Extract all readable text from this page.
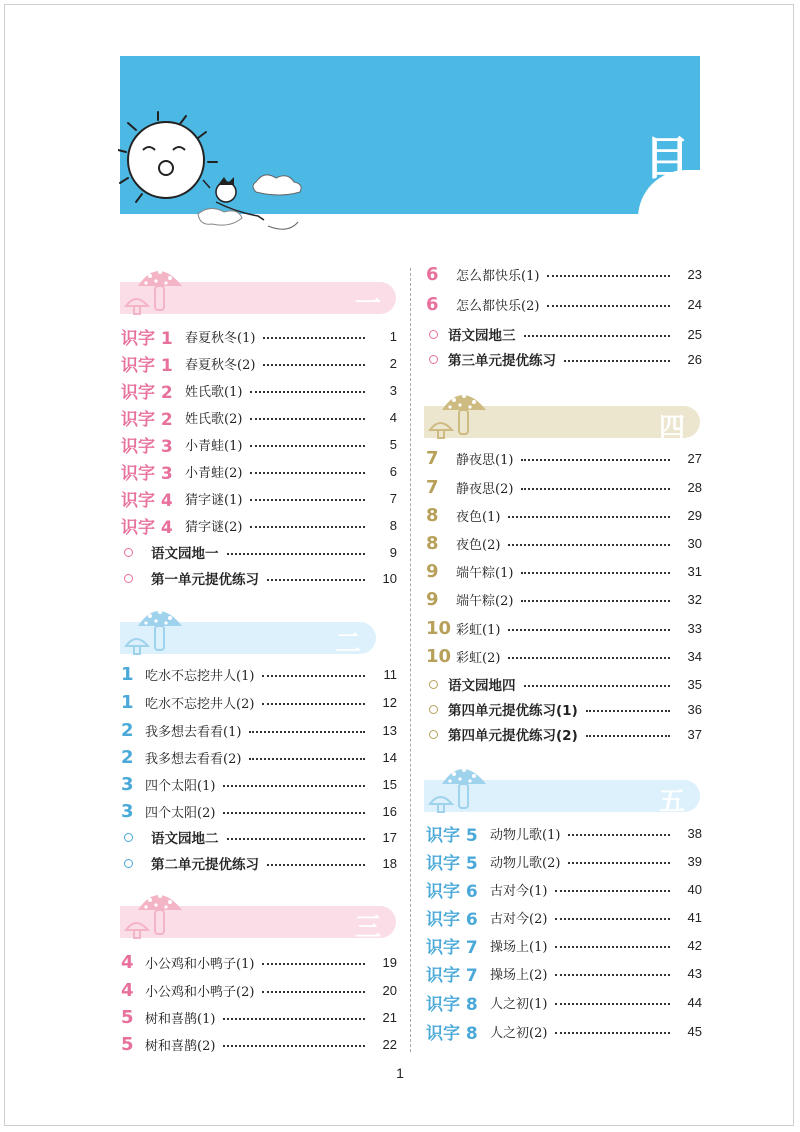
目
录
一
二
三
四
五
识字 1 春夏秋冬(1)	1
识字 1 春夏秋冬(2)	2
识字 2 姓氏歌(1)	3
识字 2 姓氏歌(2)	4
识字 3 小青蛙(1)	5
识字 3 小青蛙(2)	6
识字 4 猜字谜(1)	7
识字 4 猜字谜(2)	8
语文园地一	9
第一单元提优练习	10
1 吃水不忘挖井人(1)	11
1 吃水不忘挖井人(2)	12
2 我多想去看看(1)	13
2 我多想去看看(2)	14
3 四个太阳(1)	15
3 四个太阳(2)	16
语文园地二	17
第二单元提优练习	18
4 小公鸡和小鸭子(1)	19
4 小公鸡和小鸭子(2)	20
5 树和喜鹊(1)	21
5 树和喜鹊(2)	22
6	怎么都快乐(1)	23
6	怎么都快乐(2)	24
语文园地三	25
第三单元提优练习	26
7	静夜思(1)	27
7	静夜思(2)	28
8	夜色(1)	29
8	夜色(2)	30
9	端午粽(1)	31
9	端午粽(2)	32
10 彩虹(1)	33
10 彩虹(2)	34
语文园地四	35
第四单元提优练习(1)	36
第四单元提优练习(2)	37
识字 5 动物儿歌(1)	38
识字 5 动物儿歌(2)	39
识字 6 古对今(1)	40
识字 6 古对今(2)	41
识字 7 操场上(1)	42
识字 7 操场上(2)	43
识字 8 人之初(1)	44
识字 8 人之初(2)	45
1
